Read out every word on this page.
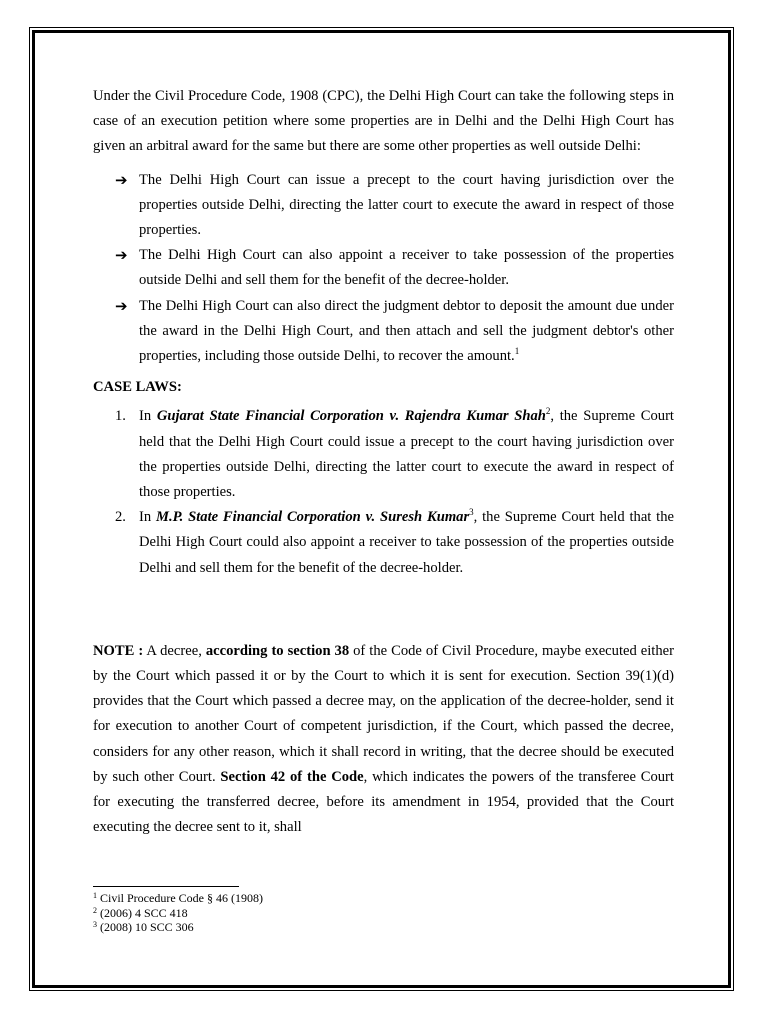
Under the Civil Procedure Code, 1908 (CPC), the Delhi High Court can take the following steps in case of an execution petition where some properties are in Delhi and the Delhi High Court has given an arbitral award for the same but there are some other properties as well outside Delhi:

➔ The Delhi High Court can issue a precept to the court having jurisdiction over the properties outside Delhi, directing the latter court to execute the award in respect of those properties.
➔ The Delhi High Court can also appoint a receiver to take possession of the properties outside Delhi and sell them for the benefit of the decree-holder.
➔ The Delhi High Court can also direct the judgment debtor to deposit the amount due under the award in the Delhi High Court, and then attach and sell the judgment debtor's other properties, including those outside Delhi, to recover the amount.$^1$

CASE LAWS:

1. In Gujarat State Financial Corporation v. Rajendra Kumar Shah$^2$, the Supreme Court held that the Delhi High Court could issue a precept to the court having jurisdiction over the properties outside Delhi, directing the latter court to execute the award in respect of those properties.
2. In M.P. State Financial Corporation v. Suresh Kumar$^3$, the Supreme Court held that the Delhi High Court could also appoint a receiver to take possession of the properties outside Delhi and sell them for the benefit of the decree-holder.

NOTE : A decree, according to section 38 of the Code of Civil Procedure, maybe executed either by the Court which passed it or by the Court to which it is sent for execution. Section 39(1)(d) provides that the Court which passed a decree may, on the application of the decree-holder, send it for execution to another Court of competent jurisdiction, if the Court, which passed the decree, considers for any other reason, which it shall record in writing, that the decree should be executed by such other Court. Section 42 of the Code, which indicates the powers of the transferee Court for executing the transferred decree, before its amendment in 1954, provided that the Court executing the decree sent to it, shall

$^1$ Civil Procedure Code § 46 (1908)
$^2$ (2006) 4 SCC 418
$^3$ (2008) 10 SCC 306
